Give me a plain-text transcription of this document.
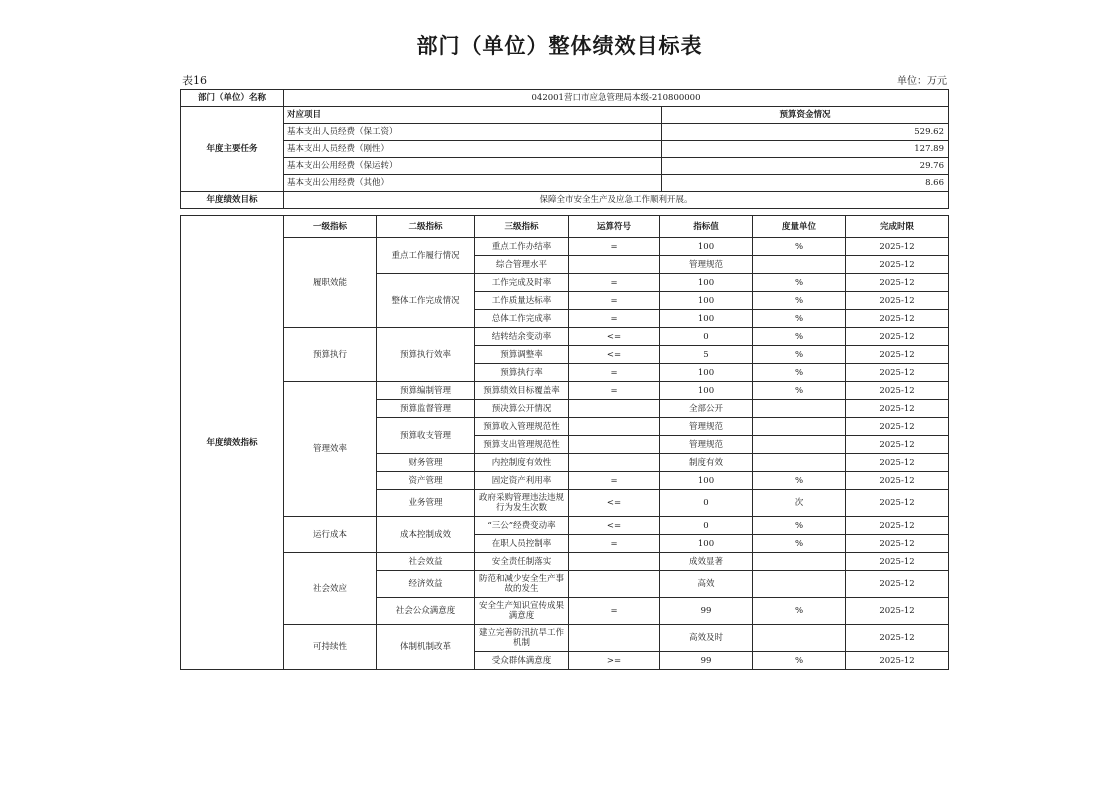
部门（单位）整体绩效目标表
表16	单位：万元
部门（单位）名称	042001营口市应急管理局本级-210800000	
年度主要任务	对应项目	预算资金情况
	基本支出人员经费（保工资）	529.62
	基本支出人员经费（刚性）	127.89
	基本支出公用经费（保运转）	29.76
	基本支出公用经费（其他）	8.66
年度绩效目标	保障全市安全生产及应急工作顺利开展。	
年度绩效指标	一级指标	二级指标	三级指标	运算符号	指标值	度量单位	完成时限
	履职效能	重点工作履行情况	重点工作办结率	=	100	%	2025-12
			综合管理水平		管理规范		2025-12
		整体工作完成情况	工作完成及时率	=	100	%	2025-12
			工作质量达标率	=	100	%	2025-12
			总体工作完成率	=	100	%	2025-12
	预算执行	预算执行效率	结转结余变动率	<=	0	%	2025-12
			预算调整率	<=	5	%	2025-12
			预算执行率	=	100	%	2025-12
	管理效率	预算编制管理	预算绩效目标覆盖率	=	100	%	2025-12
		预算监督管理	预决算公开情况		全部公开		2025-12
		预算收支管理	预算收入管理规范性		管理规范		2025-12
			预算支出管理规范性		管理规范		2025-12
		财务管理	内控制度有效性		制度有效		2025-12
		资产管理	固定资产利用率	=	100	%	2025-12
		业务管理	政府采购管理违法违规行为发生次数	<=	0	次	2025-12
	运行成本	成本控制成效	“三公”经费变动率	<=	0	%	2025-12
			在职人员控制率	=	100	%	2025-12
	社会效应	社会效益	安全责任制落实		成效显著		2025-12
		经济效益	防范和减少安全生产事故的发生		高效		2025-12
		社会公众满意度	安全生产知识宣传成果满意度	=	99	%	2025-12
	可持续性	体制机制改革	建立完善防汛抗旱工作机制		高效及时		2025-12
			受众群体满意度	>=	99	%	2025-12
